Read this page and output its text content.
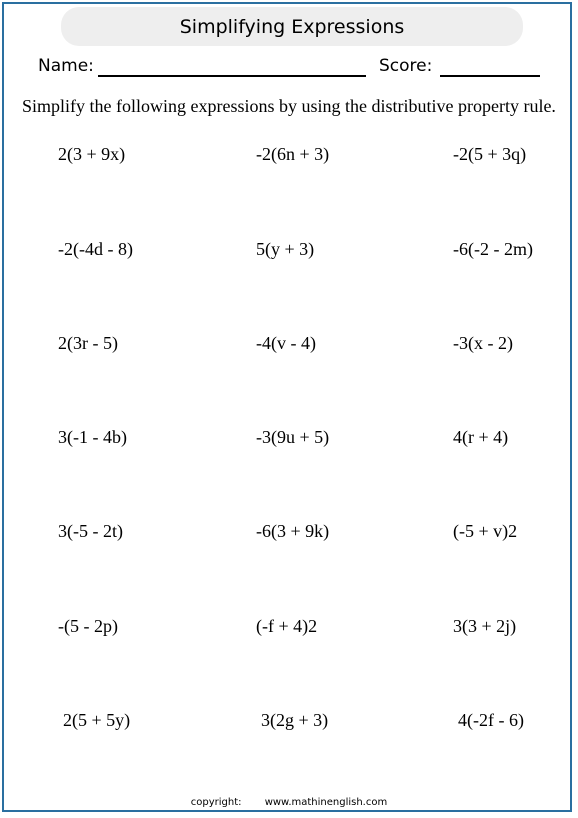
Simplifying Expressions
Name:	Score:
Simplify the following expressions by using the distributive property rule.
2(3 + 9x)	-2(6n + 3)	-2(5 + 3q)
-2(-4d - 8)	5(y + 3)	-6(-2 - 2m)
2(3r - 5)	-4(v - 4)	-3(x - 2)
3(-1 - 4b)	-3(9u + 5)	4(r + 4)
3(-5 - 2t)	-6(3 + 9k)	(-5 + v)2
-(5 - 2p)	(-f + 4)2	3(3 + 2j)
2(5 + 5y)	3(2g + 3)	4(-2f - 6)
copyright: www.mathinenglish.com
